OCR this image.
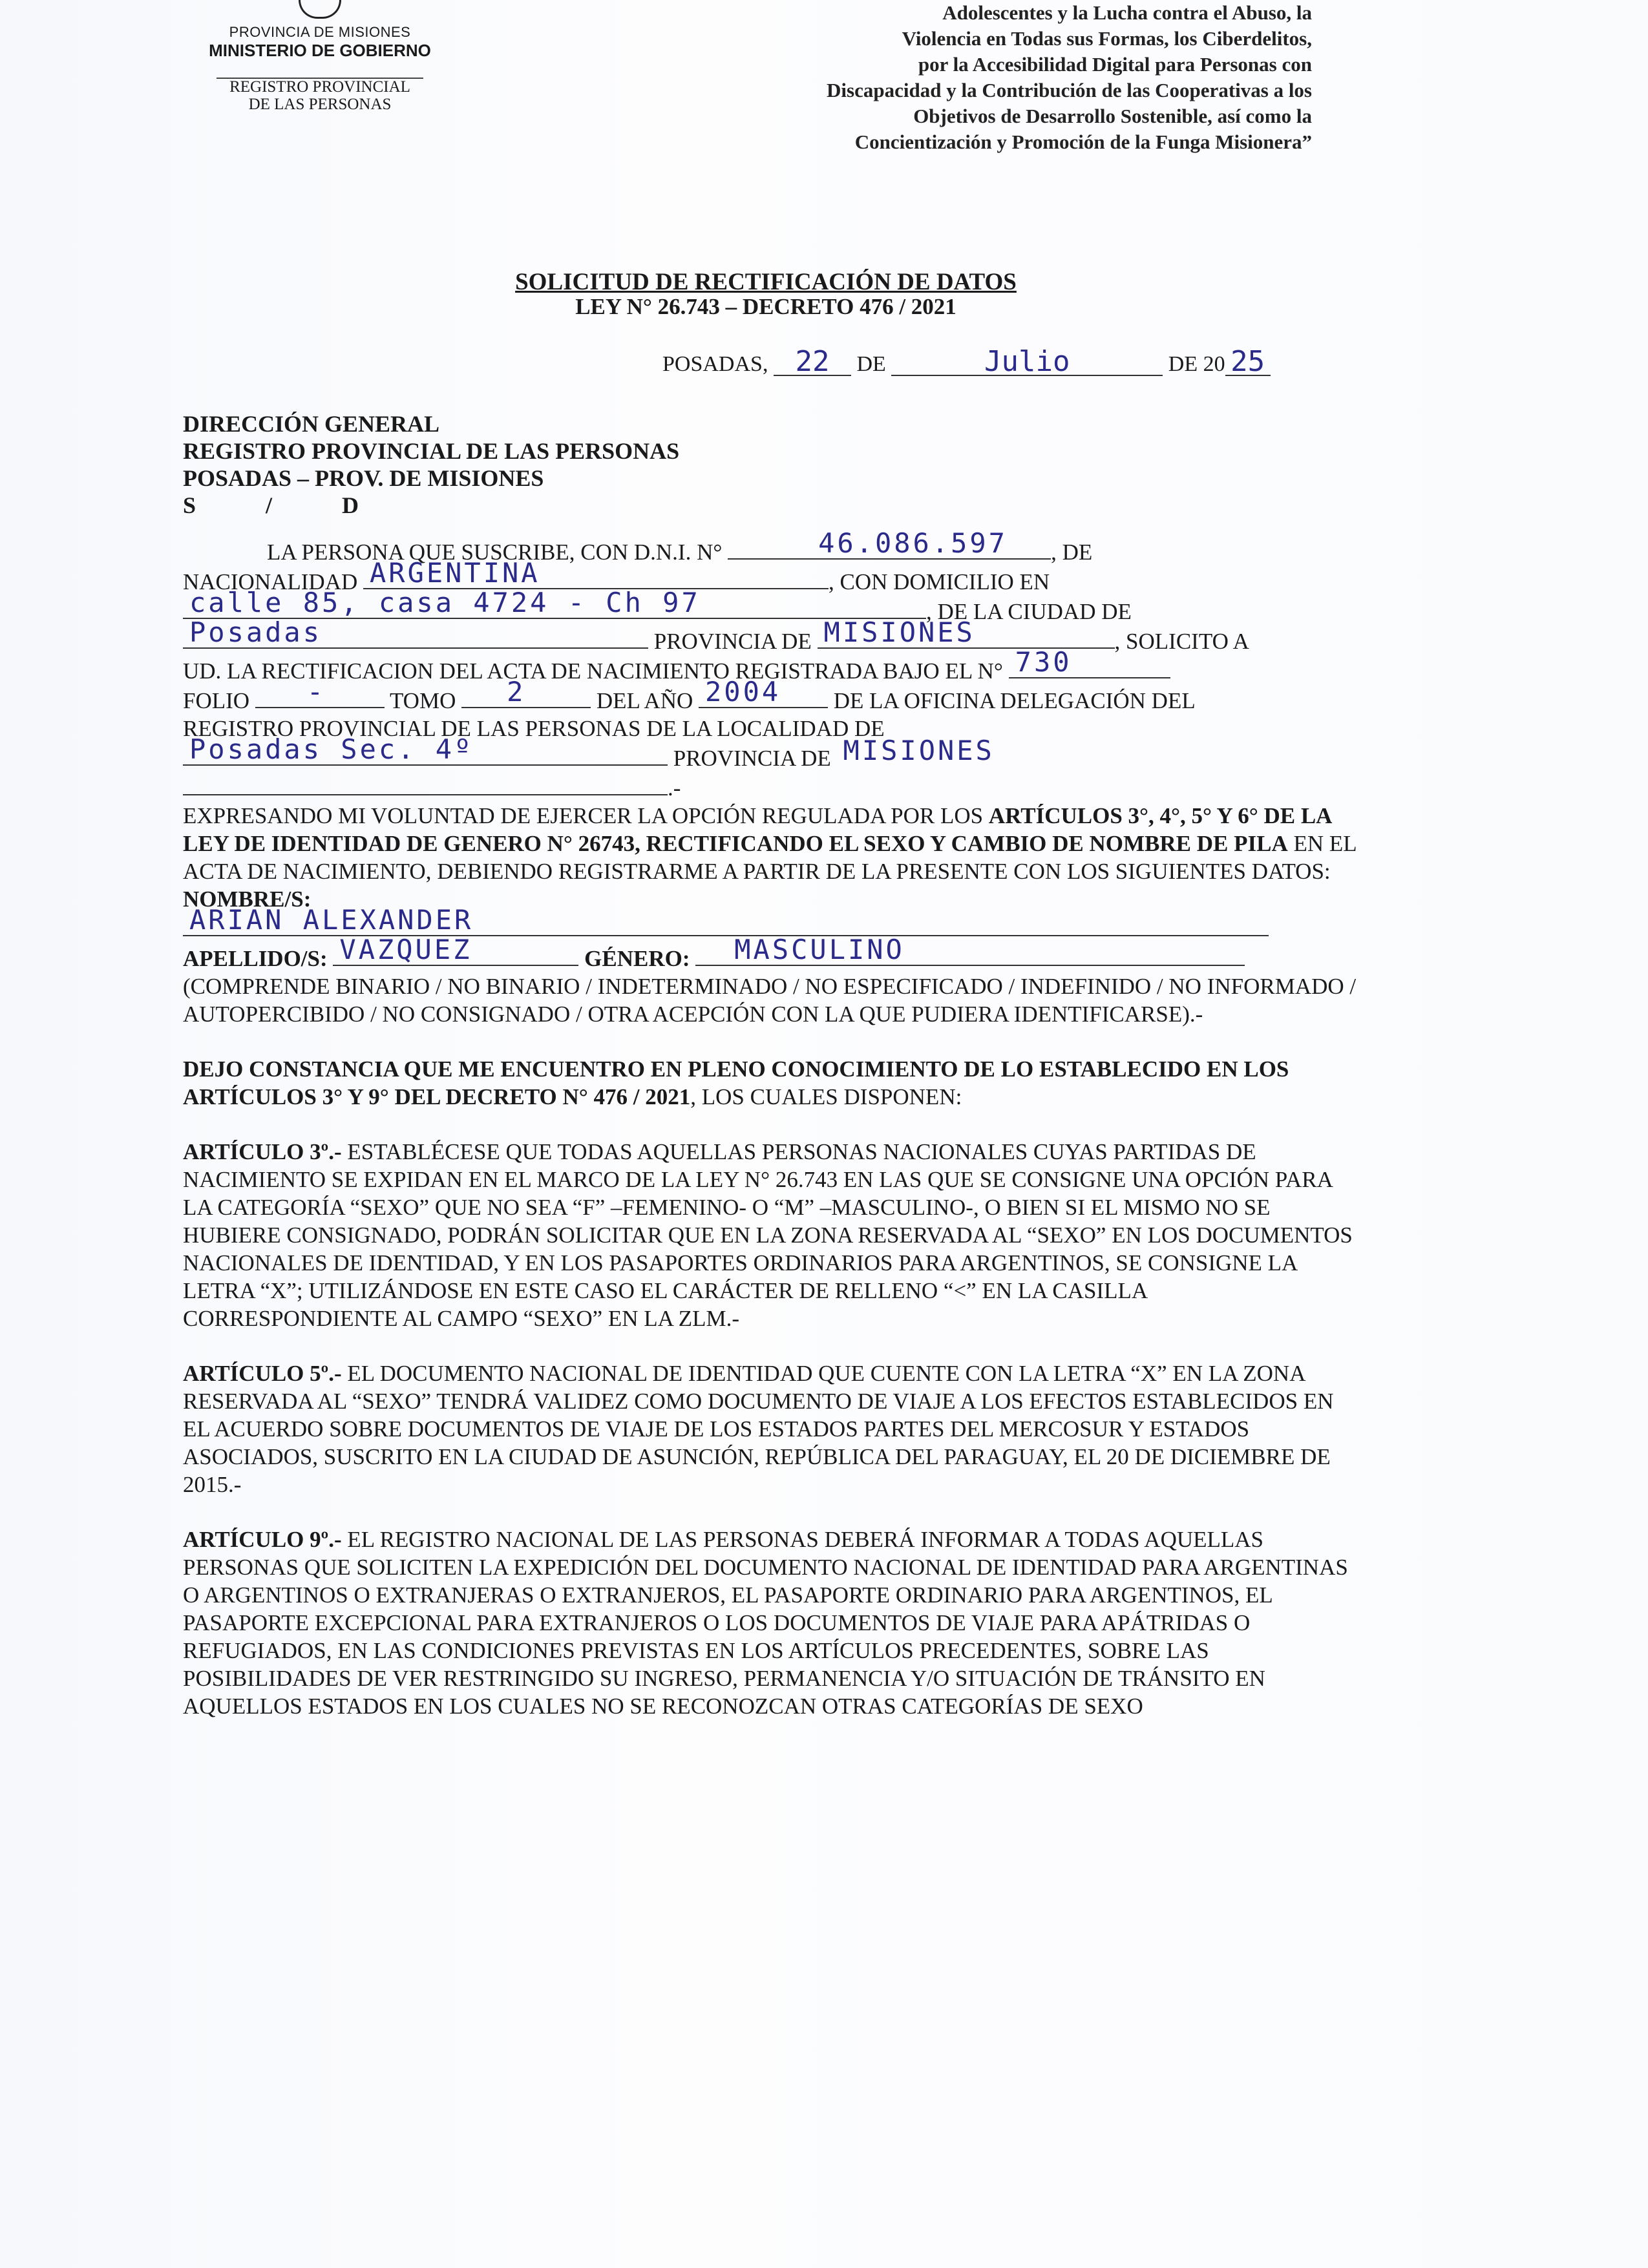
PROVINCIA DE MISIONES
MINISTERIO DE GOBIERNO
REGISTRO PROVINCIAL
DE LAS PERSONAS
Adolescentes y la Lucha contra el Abuso, la
Violencia en Todas sus Formas, los Ciberdelitos,
por la Accesibilidad Digital para Personas con
Discapacidad y la Contribución de las Cooperativas a los
Objetivos de Desarrollo Sostenible, así como la
Concientización y Promoción de la Funga Misionera”
SOLICITUD DE RECTIFICACIÓN DE DATOS
LEY N° 26.743 – DECRETO 476 / 2021
POSADAS, 22 DE	Julio	DE 20 25
DIRECCIÓN GENERAL
REGISTRO PROVINCIAL DE LAS PERSONAS
POSADAS – PROV. DE MISIONES
S            /            D

LA PERSONA QUE SUSCRIBE, CON D.N.I. N°	46.086.597 , DE

NACIONALIDAD ARGENTINA	, CON DOMICILIO EN

calle 85, casa 4724 - Ch 97	, DE LA CIUDAD DE

Posadas	PROVINCIA DE MISIONES	, SOLICITO A

UD. LA RECTIFICACION DEL ACTA DE NACIMIENTO REGISTRADA BAJO EL N° 730

FOLIO -	TOMO 2	DEL AÑO 2004 DE LA OFICINA DELEGACIÓN DEL

REGISTRO PROVINCIAL DE LAS PERSONAS DE LA LOCALIDAD DE

Posadas Sec. 4º	PROVINCIA DE MISIONES

.-

EXPRESANDO MI VOLUNTAD DE EJERCER LA OPCIÓN REGULADA POR LOS ARTÍCULOS 3°, 4°, 5° Y 6° DE LA LEY DE IDENTIDAD DE GENERO N° 26743, RECTIFICANDO EL SEXO Y CAMBIO DE NOMBRE DE PILA EN EL ACTA DE NACIMIENTO, DEBIENDO REGISTRARME A PARTIR DE LA PRESENTE CON LOS SIGUIENTES DATOS: NOMBRE/S:

ARIAN ALEXANDER

APELLIDO/S: VAZQUEZ	GÉNERO: MASCULINO

(COMPRENDE BINARIO / NO BINARIO / INDETERMINADO / NO ESPECIFICADO / INDEFINIDO / NO INFORMADO / AUTOPERCIBIDO / NO CONSIGNADO / OTRA ACEPCIÓN CON LA QUE PUDIERA IDENTIFICARSE).-

DEJO CONSTANCIA QUE ME ENCUENTRO EN PLENO CONOCIMIENTO DE LO ESTABLECIDO EN LOS ARTÍCULOS 3° Y 9° DEL DECRETO N° 476 / 2021, LOS CUALES DISPONEN:

ARTÍCULO 3º.- ESTABLÉCESE QUE TODAS AQUELLAS PERSONAS NACIONALES CUYAS PARTIDAS DE NACIMIENTO SE EXPIDAN EN EL MARCO DE LA LEY N° 26.743 EN LAS QUE SE CONSIGNE UNA OPCIÓN PARA LA CATEGORÍA “SEXO” QUE NO SEA “F” –FEMENINO- O “M” –MASCULINO-, O BIEN SI EL MISMO NO SE HUBIERE CONSIGNADO, PODRÁN SOLICITAR QUE EN LA ZONA RESERVADA AL “SEXO” EN LOS DOCUMENTOS NACIONALES DE IDENTIDAD, Y EN LOS PASAPORTES ORDINARIOS PARA ARGENTINOS, SE CONSIGNE LA LETRA “X”; UTILIZÁNDOSE EN ESTE CASO EL CARÁCTER DE RELLENO “<” EN LA CASILLA CORRESPONDIENTE AL CAMPO “SEXO” EN LA ZLM.-

ARTÍCULO 5º.- EL DOCUMENTO NACIONAL DE IDENTIDAD QUE CUENTE CON LA LETRA “X” EN LA ZONA RESERVADA AL “SEXO” TENDRÁ VALIDEZ COMO DOCUMENTO DE VIAJE A LOS EFECTOS ESTABLECIDOS EN EL ACUERDO SOBRE DOCUMENTOS DE VIAJE DE LOS ESTADOS PARTES DEL MERCOSUR Y ESTADOS ASOCIADOS, SUSCRITO EN LA CIUDAD DE ASUNCIÓN, REPÚBLICA DEL PARAGUAY, EL 20 DE DICIEMBRE DE 2015.-

ARTÍCULO 9º.- EL REGISTRO NACIONAL DE LAS PERSONAS DEBERÁ INFORMAR A TODAS AQUELLAS PERSONAS QUE SOLICITEN LA EXPEDICIÓN DEL DOCUMENTO NACIONAL DE IDENTIDAD PARA ARGENTINAS O ARGENTINOS O EXTRANJERAS O EXTRANJEROS, EL PASAPORTE ORDINARIO PARA ARGENTINOS, EL PASAPORTE EXCEPCIONAL PARA EXTRANJEROS O LOS DOCUMENTOS DE VIAJE PARA APÁTRIDAS O REFUGIADOS, EN LAS CONDICIONES PREVISTAS EN LOS ARTÍCULOS PRECEDENTES, SOBRE LAS POSIBILIDADES DE VER RESTRINGIDO SU INGRESO, PERMANENCIA Y/O SITUACIÓN DE TRÁNSITO EN AQUELLOS ESTADOS EN LOS CUALES NO SE RECONOZCAN OTRAS CATEGORÍAS DE SEXO
